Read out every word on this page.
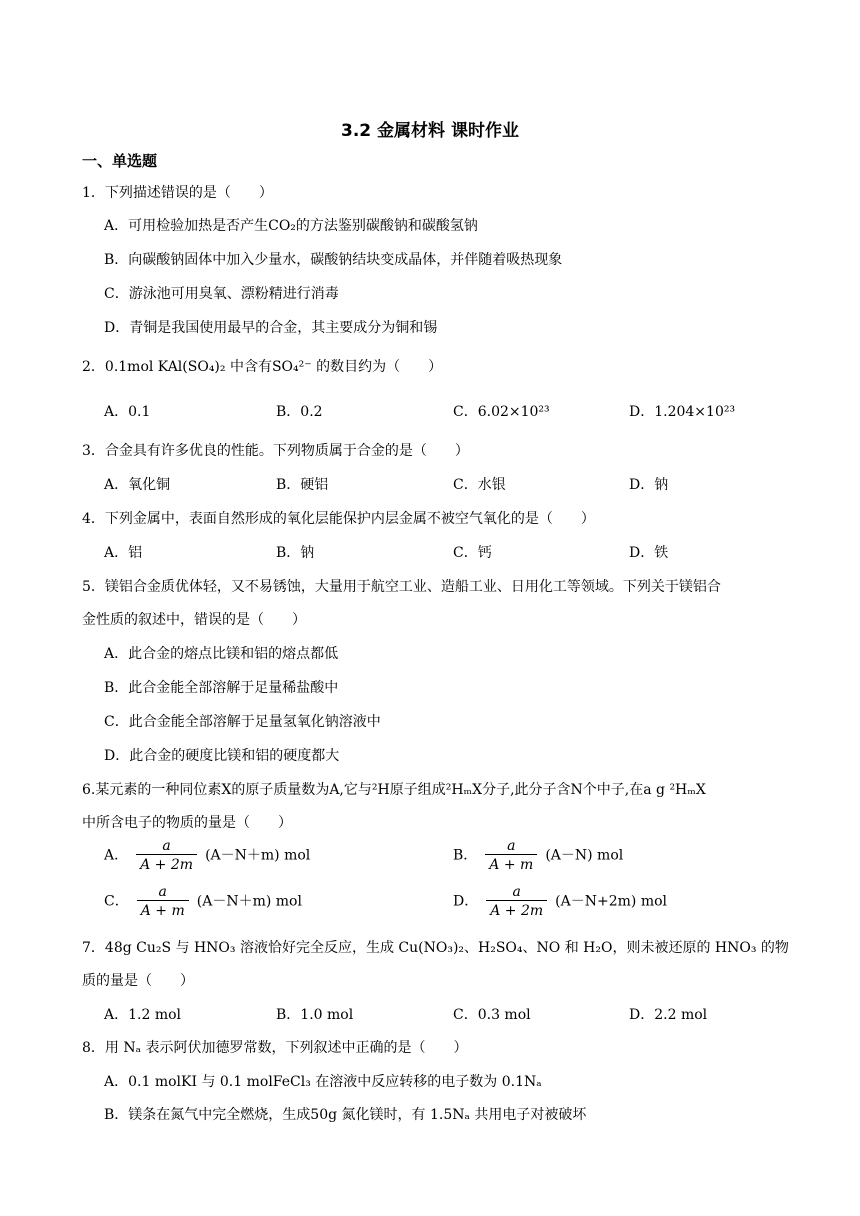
3.2 金属材料 课时作业
一、单选题
1．下列描述错误的是（　　）
A．可用检验加热是否产生CO₂的方法鉴别碳酸钠和碳酸氢钠
B．向碳酸钠固体中加入少量水，碳酸钠结块变成晶体，并伴随着吸热现象
C．游泳池可用臭氧、漂粉精进行消毒
D．青铜是我国使用最早的合金，其主要成分为铜和锡
2．0.1mol KAl(SO₄)₂ 中含有SO₄²⁻ 的数目约为（　　）
A．0.1	B．0.2	C．6.02×10²³	D．1.204×10²³
3．合金具有许多优良的性能。下列物质属于合金的是（　　）
A．氧化铜	B．硬铝	C．水银	D．钠
4．下列金属中，表面自然形成的氧化层能保护内层金属不被空气氧化的是（　　）
A．铝	B．钠	C．钙	D．铁
5．镁铝合金质优体轻，又不易锈蚀，大量用于航空工业、造船工业、日用化工等领域。下列关于镁铝合
金性质的叙述中，错误的是（　　）
A．此合金的熔点比镁和铝的熔点都低
B．此合金能全部溶解于足量稀盐酸中
C．此合金能全部溶解于足量氢氧化钠溶液中
D．此合金的硬度比镁和铝的硬度都大
6.某元素的一种同位素X的原子质量数为A,它与²H原子组成²HₘX分子,此分子含N个中子,在a g ²HₘX
中所含电子的物质的量是（　　）
A． $\frac{a}{A + 2m} (A-N+m)$ mol	B． $\frac{a}{A + m} (A-N)$ mol
C． $\frac{a}{A + m} (A-N+m)$ mol	D． $\frac{a}{A + 2m} (A-N+2m)$ mol
7．48g Cu₂S 与 HNO₃ 溶液恰好完全反应，生成 Cu(NO₃)₂、H₂SO₄、NO 和 H₂O，则未被还原的 HNO₃ 的物
质的量是（　　）
A．1.2 mol	B．1.0 mol	C．0.3 mol	D．2.2 mol
8．用 Nₐ 表示阿伏加德罗常数，下列叙述中正确的是（　　）
A．0.1 molKI 与 0.1 molFeCl₃ 在溶液中反应转移的电子数为 0.1Nₐ
B．镁条在氮气中完全燃烧，生成50g 氮化镁时，有 1.5Nₐ 共用电子对被破坏
